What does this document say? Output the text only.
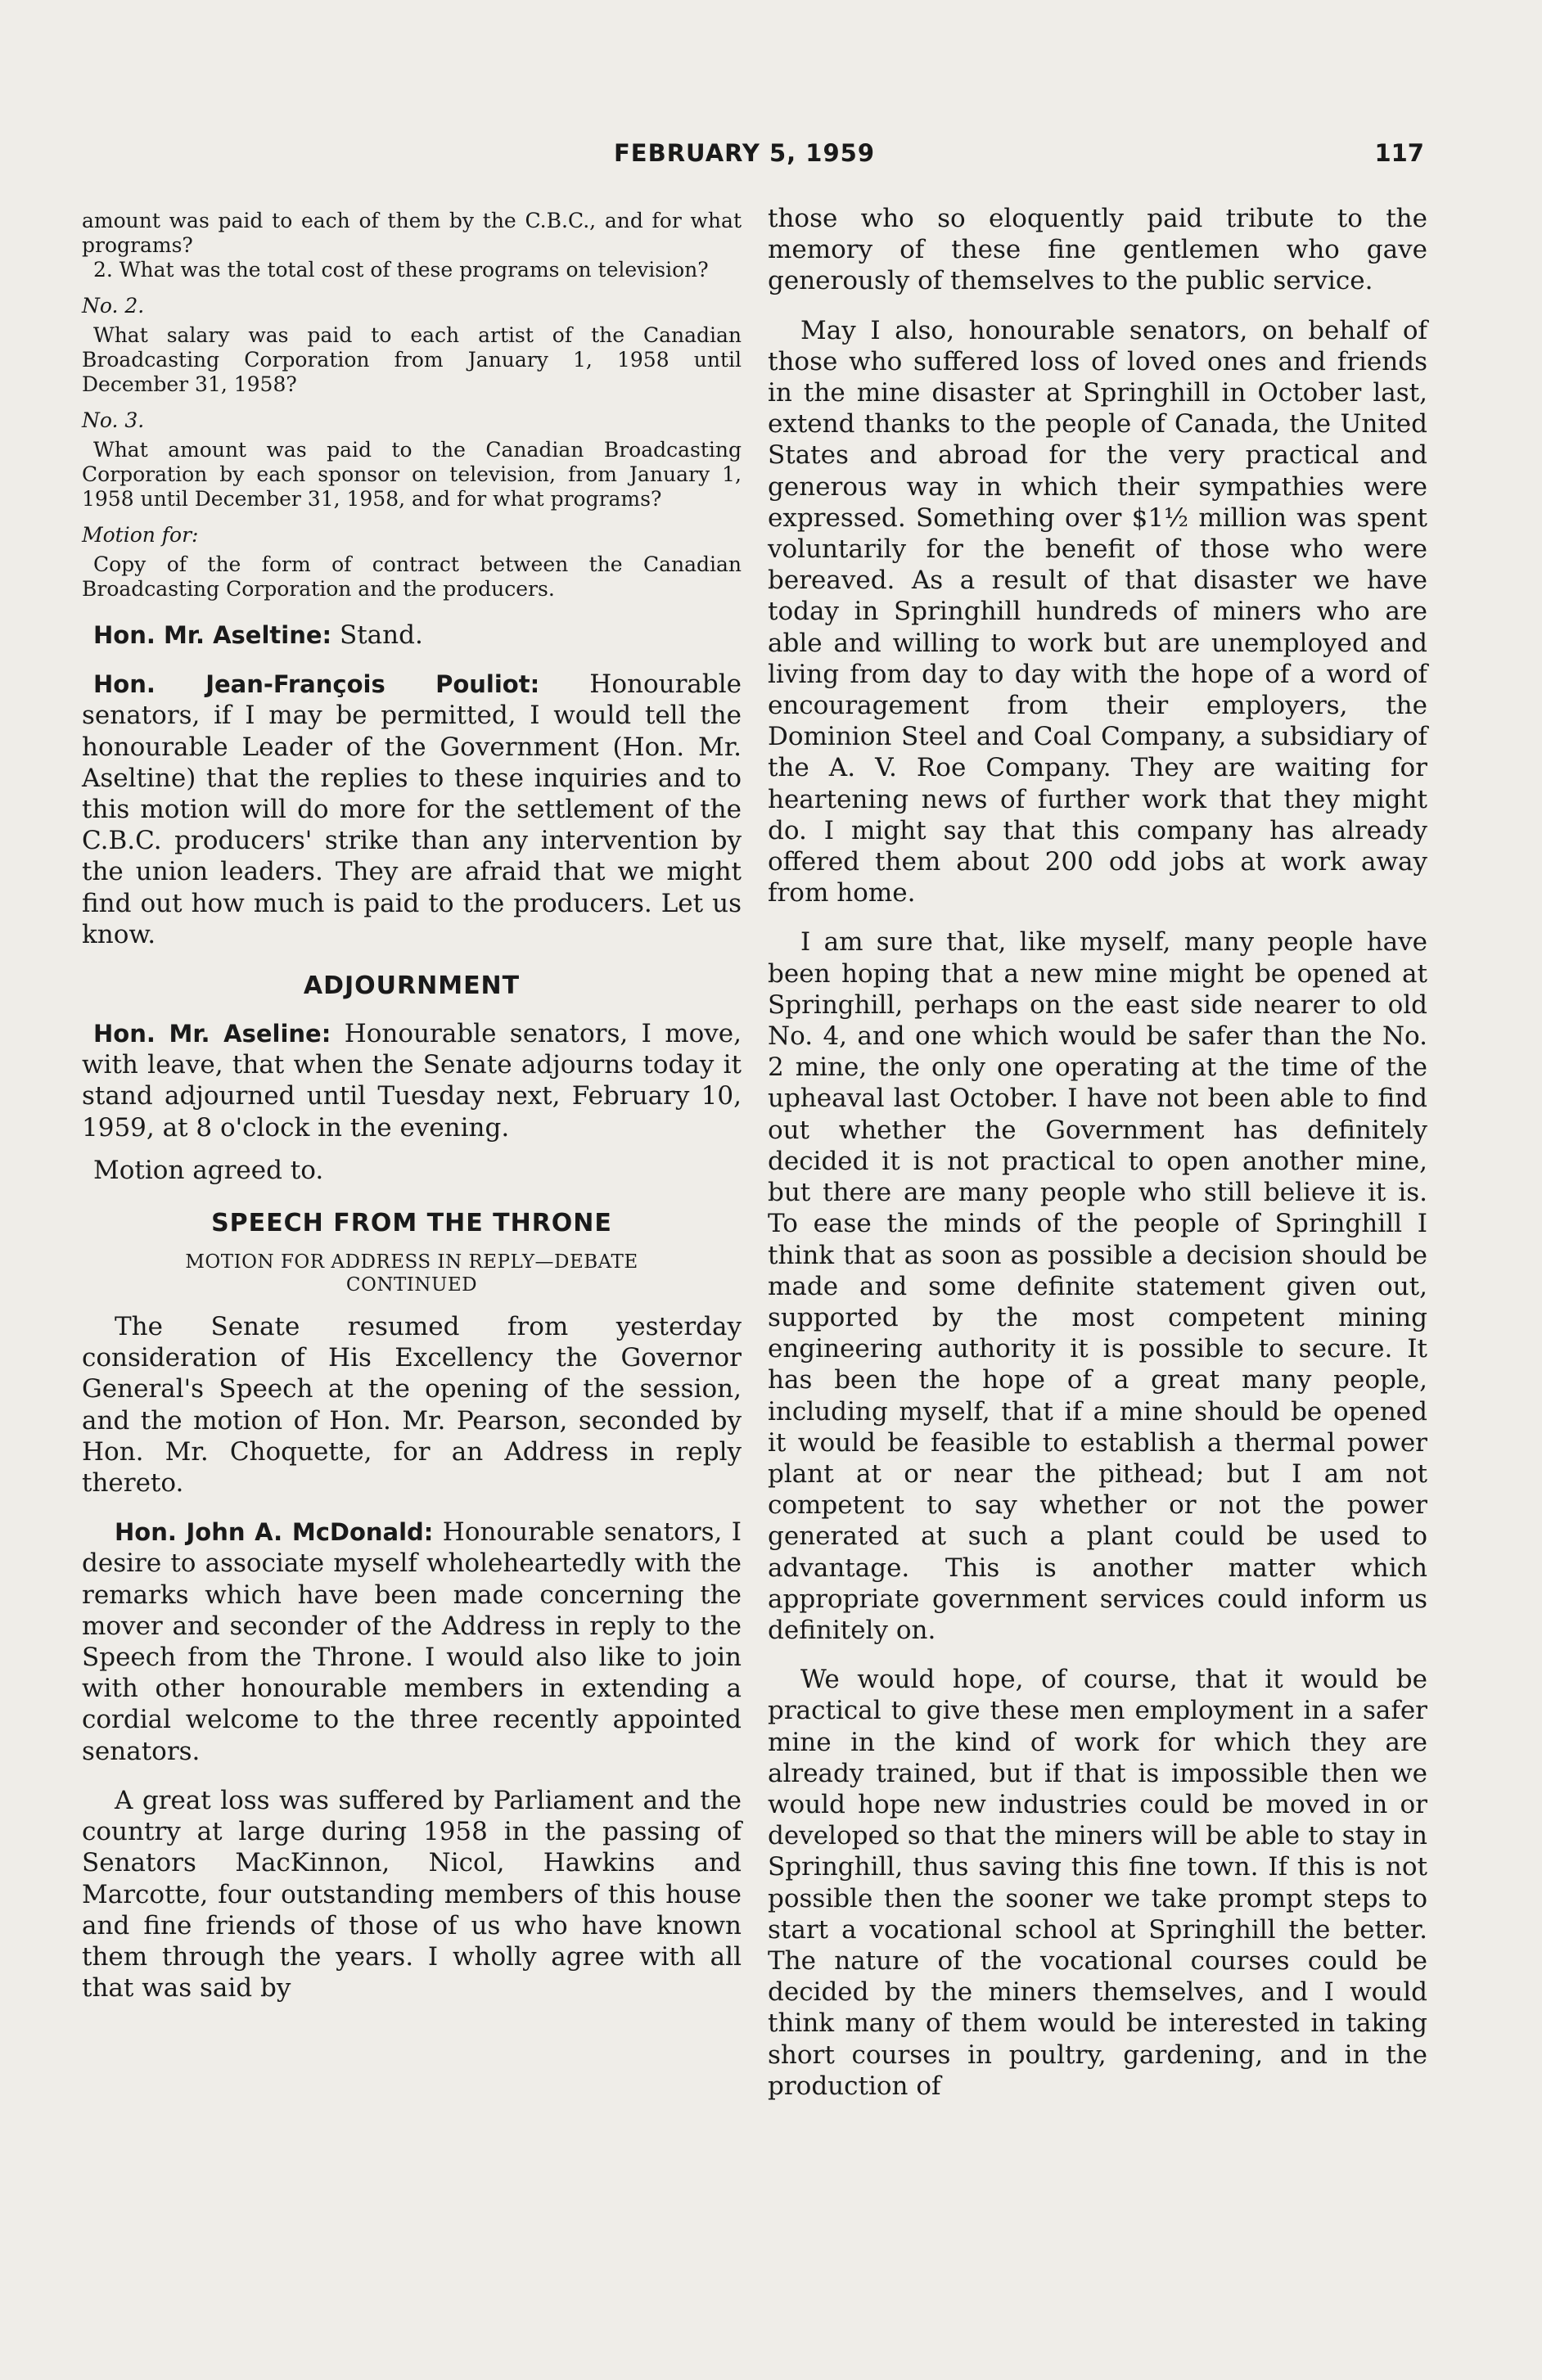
FEBRUARY 5, 1959	117

amount was paid to each of them by the C.B.C., and for what programs?

2. What was the total cost of these programs on television?

No. 2.

What salary was paid to each artist of the Canadian Broadcasting Corporation from January 1, 1958 until December 31, 1958?

No. 3.

What amount was paid to the Canadian Broadcasting Corporation by each sponsor on television, from January 1, 1958 until December 31, 1958, and for what programs?

Motion for:

Copy of the form of contract between the Canadian Broadcasting Corporation and the producers.

Hon. Mr. Aseltine: Stand.

Hon. Jean-François Pouliot: Honourable senators, if I may be permitted, I would tell the honourable Leader of the Government (Hon. Mr. Aseltine) that the replies to these inquiries and to this motion will do more for the settlement of the C.B.C. producers' strike than any intervention by the union leaders. They are afraid that we might find out how much is paid to the producers. Let us know.

ADJOURNMENT

Hon. Mr. Aseline: Honourable senators, I move, with leave, that when the Senate adjourns today it stand adjourned until Tuesday next, February 10, 1959, at 8 o'clock in the evening.

Motion agreed to.

SPEECH FROM THE THRONE

MOTION FOR ADDRESS IN REPLY—DEBATE

CONTINUED

The Senate resumed from yesterday consideration of His Excellency the Governor General's Speech at the opening of the session, and the motion of Hon. Mr. Pearson, seconded by Hon. Mr. Choquette, for an Address in reply thereto.

Hon. John A. McDonald: Honourable senators, I desire to associate myself wholeheartedly with the remarks which have been made concerning the mover and seconder of the Address in reply to the Speech from the Throne. I would also like to join with other honourable members in extending a cordial welcome to the three recently appointed senators.

A great loss was suffered by Parliament and the country at large during 1958 in the passing of Senators MacKinnon, Nicol, Hawkins and Marcotte, four outstanding members of this house and fine friends of those of us who have known them through the years. I wholly agree with all that was said by

those who so eloquently paid tribute to the memory of these fine gentlemen who gave generously of themselves to the public service.

May I also, honourable senators, on behalf of those who suffered loss of loved ones and friends in the mine disaster at Springhill in October last, extend thanks to the people of Canada, the United States and abroad for the very practical and generous way in which their sympathies were expressed. Something over $1½ million was spent voluntarily for the benefit of those who were bereaved. As a result of that disaster we have today in Springhill hundreds of miners who are able and willing to work but are unemployed and living from day to day with the hope of a word of encouragement from their employers, the Dominion Steel and Coal Company, a subsidiary of the A. V. Roe Company. They are waiting for heartening news of further work that they might do. I might say that this company has already offered them about 200 odd jobs at work away from home.

I am sure that, like myself, many people have been hoping that a new mine might be opened at Springhill, perhaps on the east side nearer to old No. 4, and one which would be safer than the No. 2 mine, the only one operating at the time of the upheaval last October. I have not been able to find out whether the Government has definitely decided it is not practical to open another mine, but there are many people who still believe it is. To ease the minds of the people of Springhill I think that as soon as possible a decision should be made and some definite statement given out, supported by the most competent mining engineering authority it is possible to secure. It has been the hope of a great many people, including myself, that if a mine should be opened it would be feasible to establish a thermal power plant at or near the pithead; but I am not competent to say whether or not the power generated at such a plant could be used to advantage. This is another matter which appropriate government services could inform us definitely on.

We would hope, of course, that it would be practical to give these men employment in a safer mine in the kind of work for which they are already trained, but if that is impossible then we would hope new industries could be moved in or developed so that the miners will be able to stay in Springhill, thus saving this fine town. If this is not possible then the sooner we take prompt steps to start a vocational school at Springhill the better. The nature of the vocational courses could be decided by the miners themselves, and I would think many of them would be interested in taking short courses in poultry, gardening, and in the production of
